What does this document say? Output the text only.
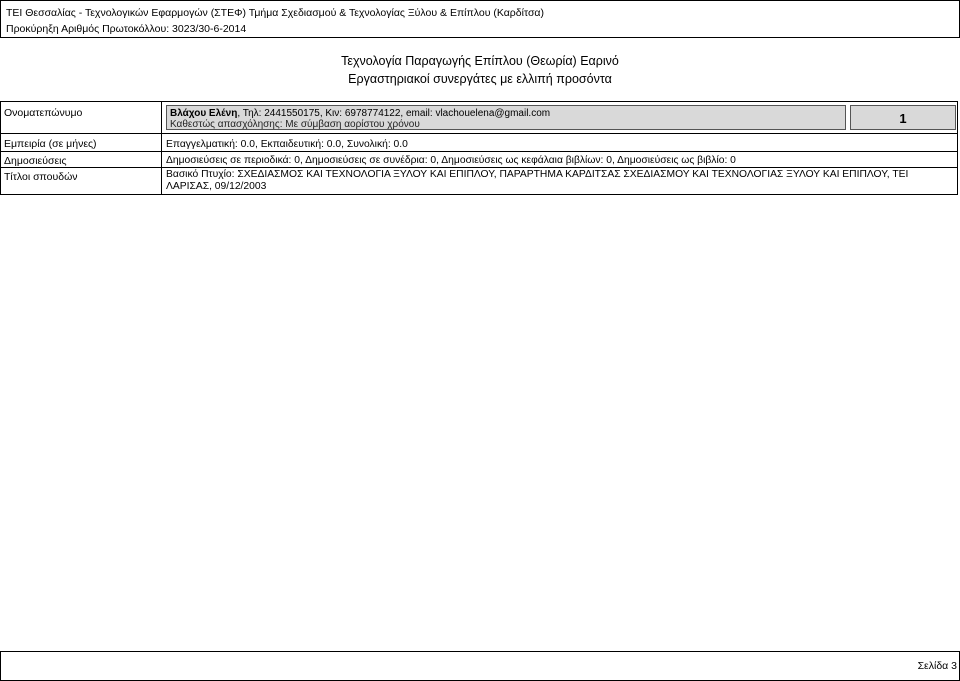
ΤΕΙ Θεσσαλίας - Τεχνολογικών Εφαρμογών (ΣΤΕΦ) Τμήμα Σχεδιασμού & Τεχνολογίας Ξύλου & Επίπλου (Καρδίτσα)
Προκύρηξη Αριθμός Πρωτοκόλλου: 3023/30-6-2014
Τεχνολογία Παραγωγής Επίπλου (Θεωρία) Εαρινό
Εργαστηριακοί συνεργάτες με ελλιπή προσόντα
Ονοματεπώνυμο
Εμπειρία (σε μήνες)
Δημοσιεύσεις
Τίτλοι σπουδών
Βλάχου Ελένη, Τηλ: 2441550175, Κιν: 6978774122, email: vlachouelena@gmail.com
Καθεστώς απασχόλησης: Με σύμβαση αορίστου χρόνου	1
Επαγγελματική: 0.0, Εκπαιδευτική: 0.0, Συνολική: 0.0
Δημοσιεύσεις σε περιοδικά: 0, Δημοσιεύσεις σε συνέδρια: 0, Δημοσιεύσεις ως κεφάλαια βιβλίων: 0, Δημοσιεύσεις ως βιβλίο: 0
Βασικό Πτυχίο: ΣΧΕΔΙΑΣΜΟΣ ΚΑΙ ΤΕΧΝΟΛΟΓΙΑ ΞΥΛΟΥ ΚΑΙ ΕΠΙΠΛΟΥ, ΠΑΡΑΡΤΗΜΑ ΚΑΡΔΙΤΣΑΣ ΣΧΕΔΙΑΣΜΟΥ ΚΑΙ ΤΕΧΝΟΛΟΓΙΑΣ ΞΥΛΟΥ ΚΑΙ ΕΠΙΠΛΟΥ, ΤΕΙ ΛΑΡΙΣΑΣ, 09/12/2003
Σελίδα 3
